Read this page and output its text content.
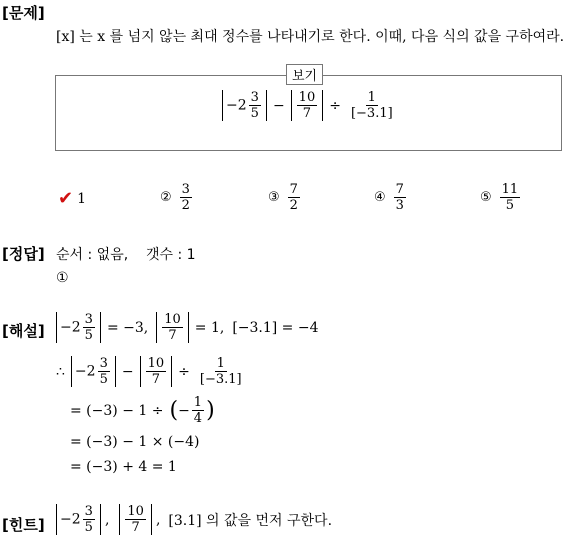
[문제]
[x] 는 x 를 넘지 않는 최대 정수를 나타내기로 한다. 이때, 다음 식의 값을 구하여라.
보기
$-2 \frac{3}{5} - \frac{10}{7} \div \frac{1}{[-3.1]}$
✔ 1	② $\frac{3}{2}$	③ $\frac{7}{2}$	④ $\frac{7}{3}$	⑤ $\frac{11}{5}$
[정답] 순서 : 없음,    갯수 : 1
①
[해설] $-2 \frac{3}{5} = -3$, $\frac{10}{7} = 1$, [−3.1] = −4
∴ $-2 \frac{3}{5} - \frac{10}{7} \div \frac{1}{[-3.1]}$
= (−3) − 1 ÷ ( − $\frac{1}{4}$ )
= (−3) − 1 × (−4)
= (−3) + 4 = 1
[힌트] $-2 \frac{3}{5}$ , $\frac{10}{7}$ , [3.1] 의 값을 먼저 구한다.
